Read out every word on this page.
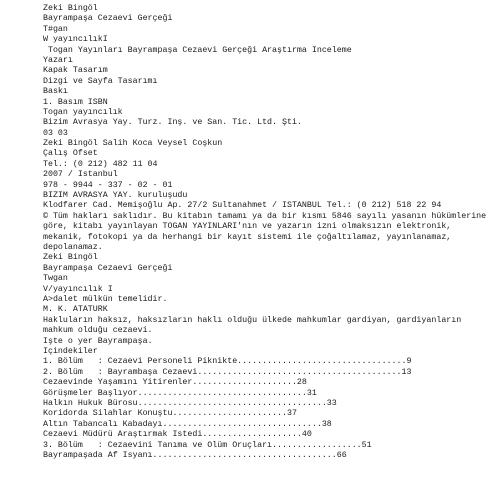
Zeki Bingöl
Bayrampaşa Cezaevi Gerçeği
T#gan
W yayıncılıkI
Togan Yayınları Bayrampaşa Cezaevi Gerçeği Araştırma İnceleme
Yazarı
Kapak Tasarım
Dizgi ve Sayfa Tasarımı
Baskı
1. Basım ISBN
Togan yayıncılık
Bizim Avrasya Yay. Turz. İnş. ve San. Tic. Ltd. Şti.
03 03
Zeki Bingöl Salih Koca Veysel Coşkun
Çalış Ofset
Tel.: (0 212) 482 11 04
2007 / İstanbul
978 - 9944 - 337 - 02 - 01
BİZİM AVRASYA YAY. kuruluşudu
Klodfarer Cad. Memişoğlu Ap. 27/2 Sultanahmet / İSTANBUL Tel.: (0 212) 518 22 94
© Tüm hakları saklıdır. Bu kitabın tamamı ya da bir kısmı 5846 sayılı yasanın hükümlerine göre, kitabı yayınlayan TOGAN YAYINLARI'nın ve yazarın izni olmaksızın elektronik, mekanik, fotokopi ya da herhangi bir kayıt sistemi ile çoğaltılamaz, yayınlanamaz, depolanamaz.
Zeki Bingöl
Bayrampaşa Cezaevi Gerçeği
Twgan
V/yayıncılık I
A>dalet mülkün temelidir.
M. K. ATATÜRK
Hakluların haksız, haksızların haklı olduğu ülkede mahkumlar gardiyan, gardiyanların mahkum olduğu cezaevi.
İşte o yer Bayrampaşa.
İçindekiler
1. Bölüm   : Cezaevi Personeli Piknikte..................................9
2. Bölüm   : Bayrambaşa Cezaevi.........................................13
Cezaevinde Yaşamını Yitirenler.....................28
Görüşmeler Başlıyor..................................31
Halkın Hukuk Bürosu......................................33
Koridorda Silahlar Konuştu.......................37
Altın Tabancalı Kabadayı................................38
Cezaevi Müdürü Araştırmak İstedi....................40
3. Bölüm   : Cezaevini Tanıma ve Ölüm Oruçları..................51
Bayrampaşada Af İsyanı.....................................66
